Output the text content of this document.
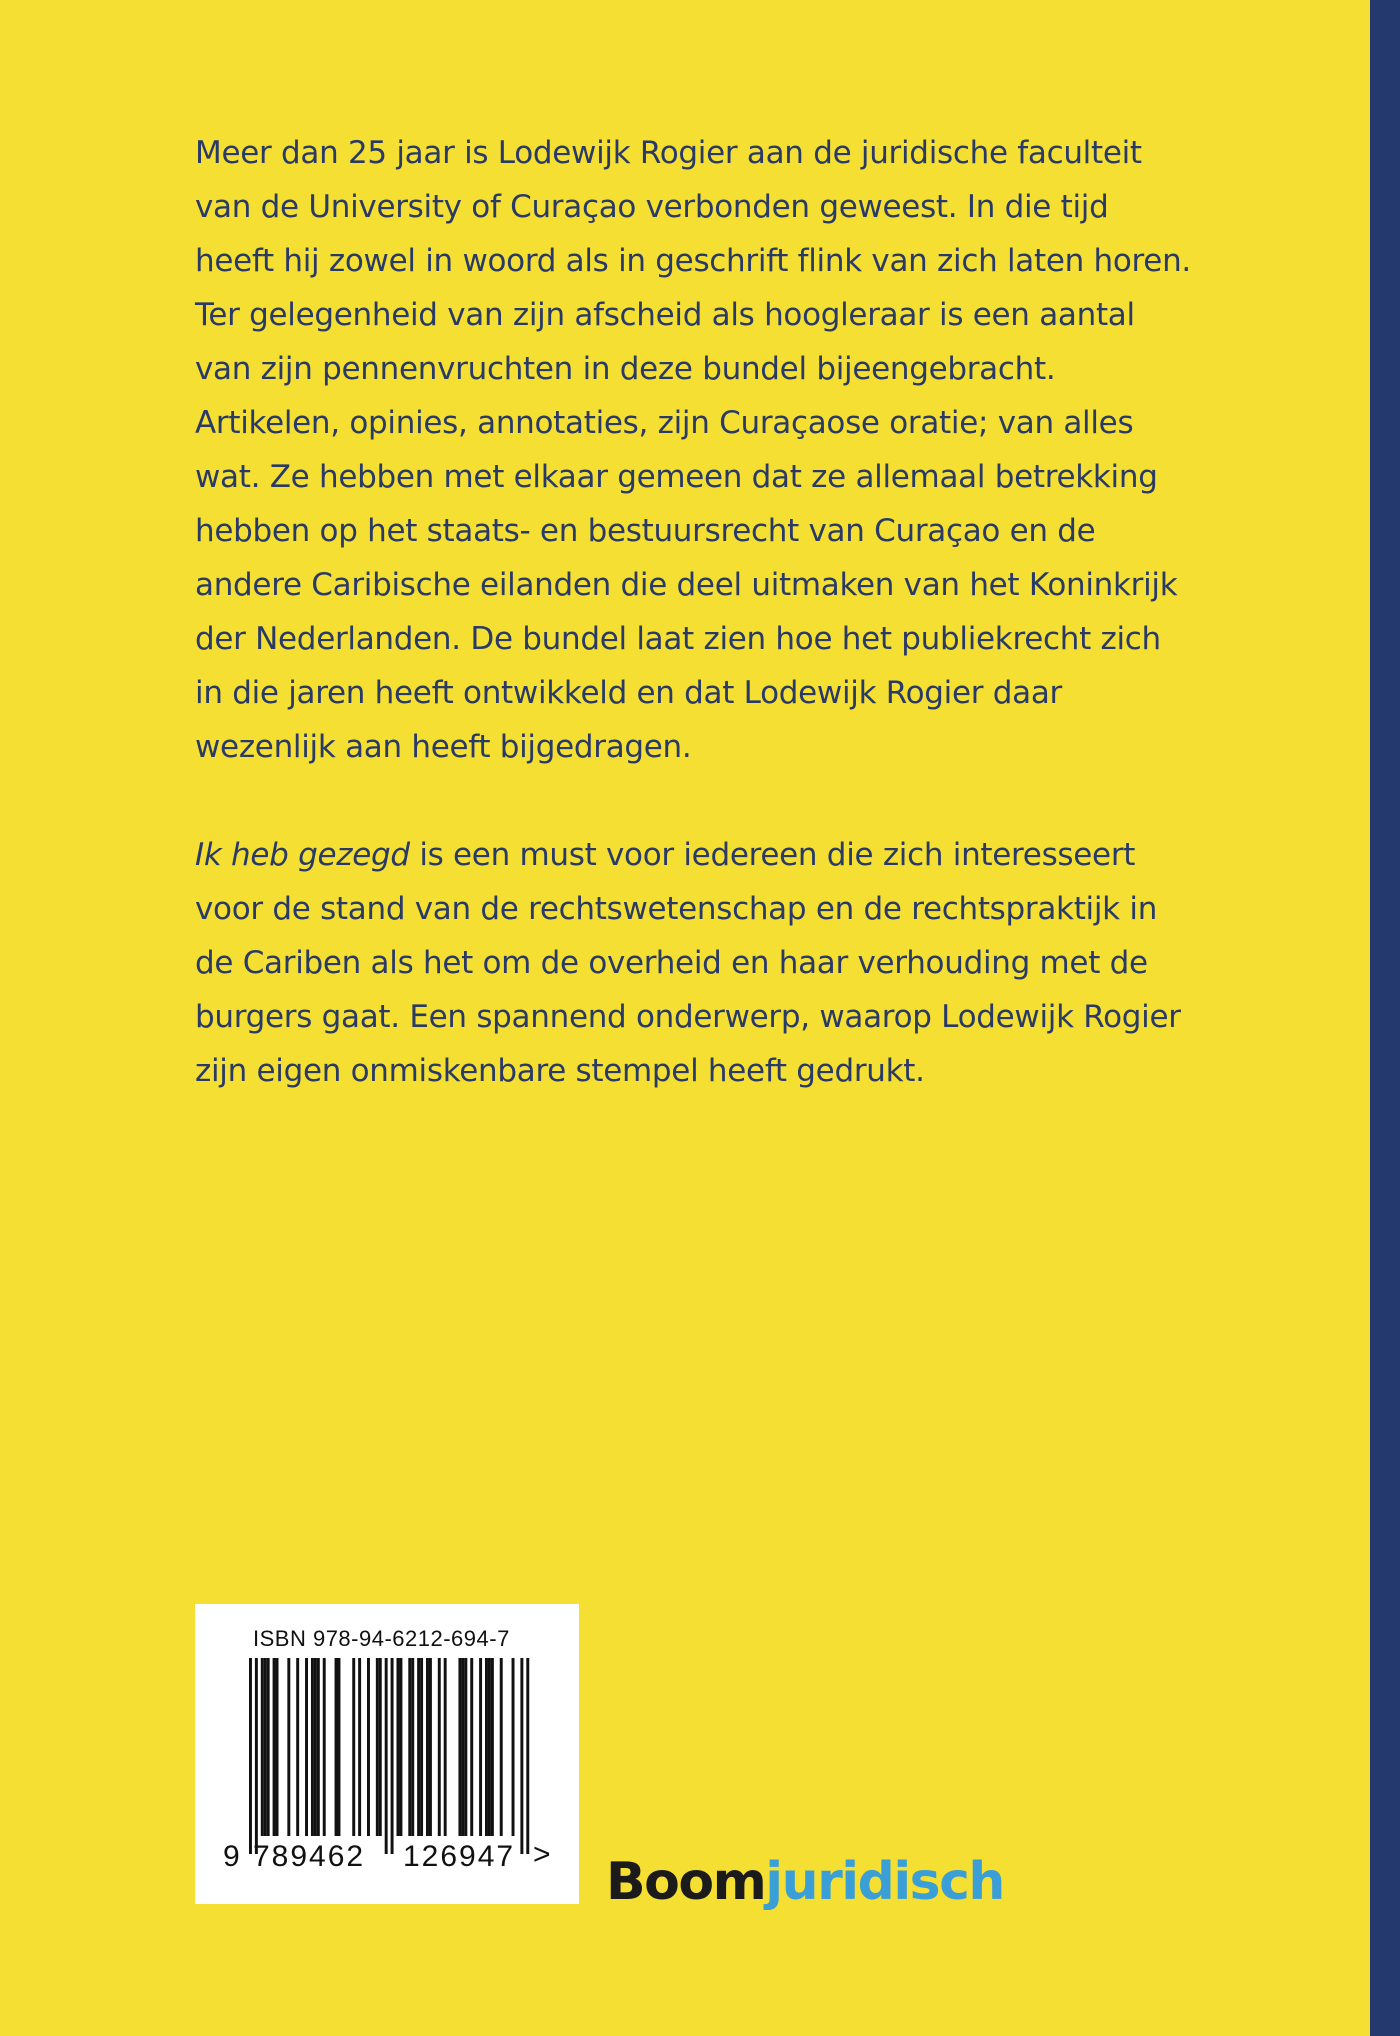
Meer dan 25 jaar is Lodewijk Rogier aan de juridische faculteit van de University of Curaçao verbonden geweest. In die tijd heeft hij zowel in woord als in geschrift flink van zich laten horen. Ter gelegenheid van zijn afscheid als hoogleraar is een aantal van zijn pennenvruchten in deze bundel bijeengebracht. Artikelen, opinies, annotaties, zijn Curaçaose oratie; van alles wat. Ze hebben met elkaar gemeen dat ze allemaal betrekking hebben op het staats- en bestuursrecht van Curaçao en de andere Caribische eilanden die deel uitmaken van het Koninkrijk der Nederlanden. De bundel laat zien hoe het publiekrecht zich in die jaren heeft ontwikkeld en dat Lodewijk Rogier daar wezenlijk aan heeft bijgedragen.

Ik heb gezegd is een must voor iedereen die zich interesseert voor de stand van de rechtswetenschap en de rechtspraktijk in de Cariben als het om de overheid en haar verhouding met de burgers gaat. Een spannend onderwerp, waarop Lodewijk Rogier zijn eigen onmiskenbare stempel heeft gedrukt.

ISBN 978-94-6212-694-7
9 789462	126947 > Boomjuridisch
